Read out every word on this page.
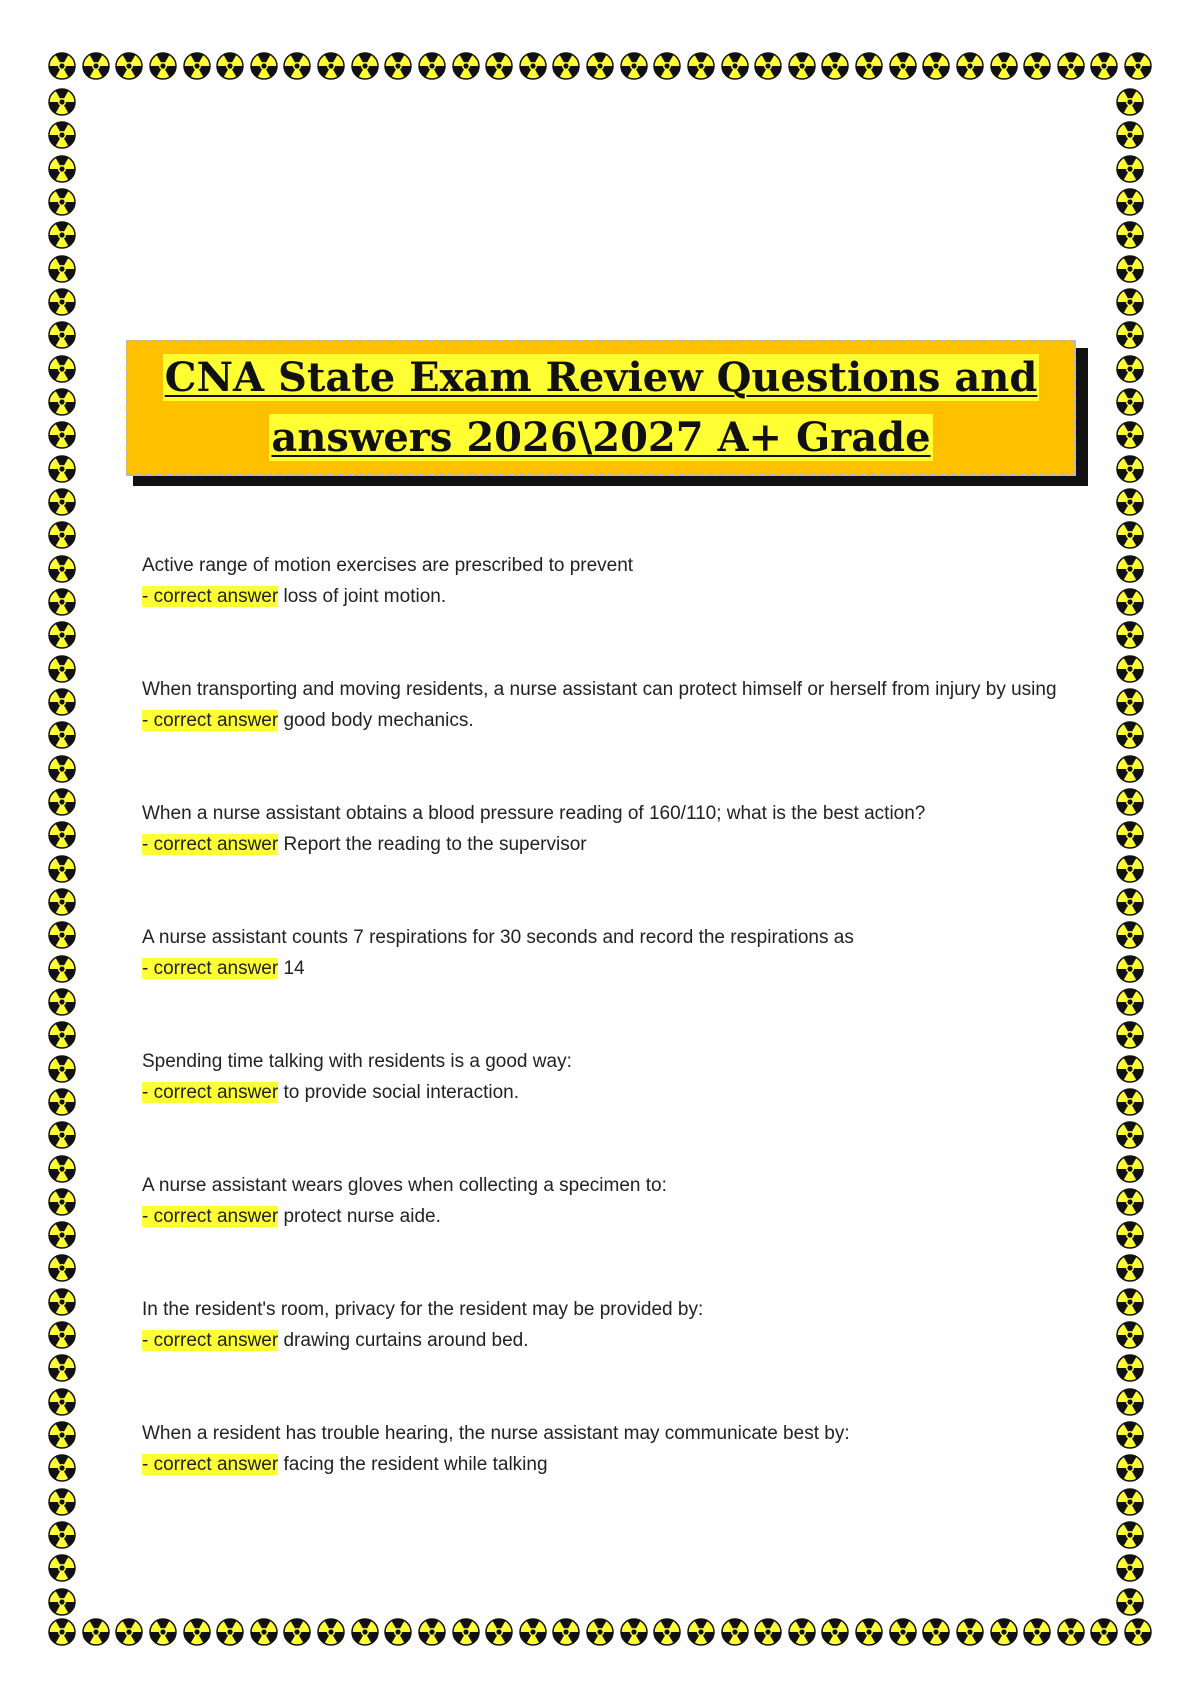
CNA State Exam Review Questions and
answers 2026\2027 A+ Grade

Active range of motion exercises are prescribed to prevent

- correct answer loss of joint motion.

When transporting and moving residents, a nurse assistant can protect himself or herself from injury by using

- correct answer good body mechanics.

When a nurse assistant obtains a blood pressure reading of 160/110; what is the best action?

- correct answer Report the reading to the supervisor

A nurse assistant counts 7 respirations for 30 seconds and record the respirations as

- correct answer 14

Spending time talking with residents is a good way:

- correct answer to provide social interaction.

A nurse assistant wears gloves when collecting a specimen to:

- correct answer protect nurse aide.

In the resident's room, privacy for the resident may be provided by:

- correct answer drawing curtains around bed.

When a resident has trouble hearing, the nurse assistant may communicate best by:

- correct answer facing the resident while talking
